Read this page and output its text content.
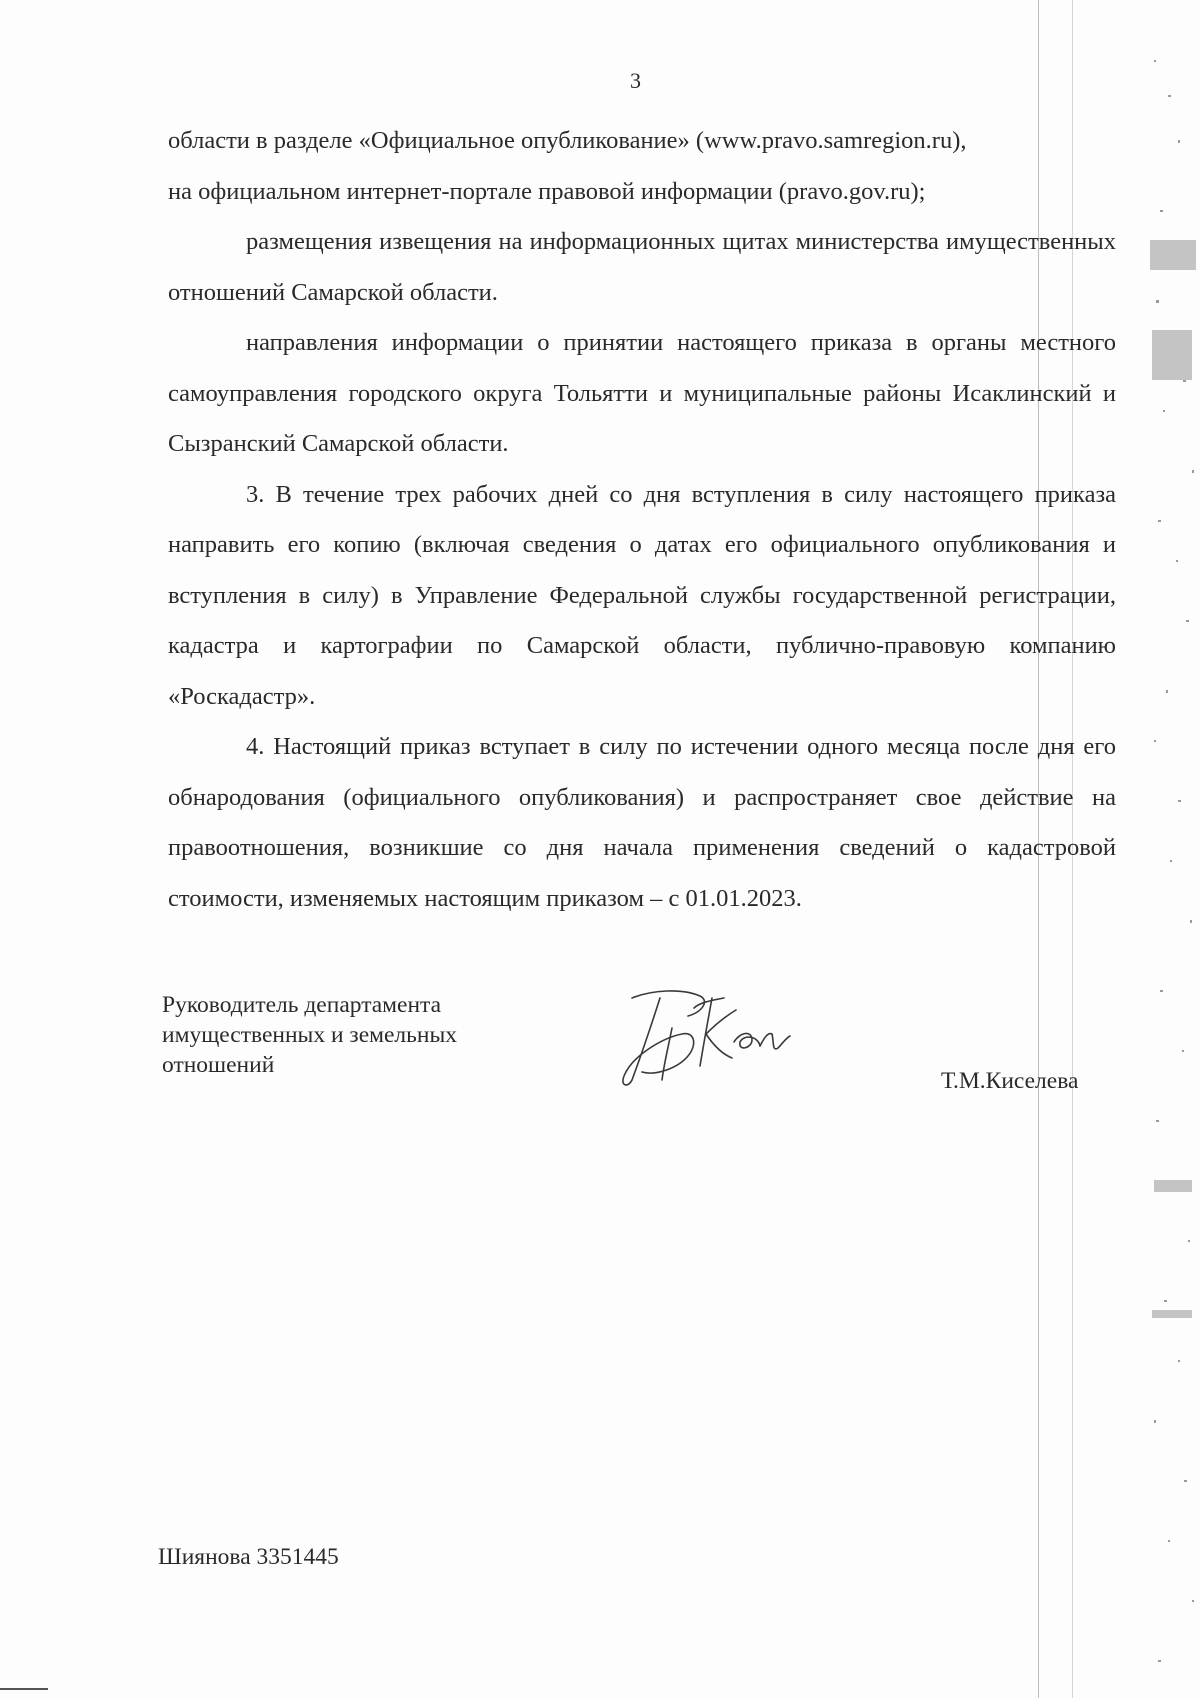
3

области в разделе «Официальное опубликование» (www.pravo.samregion.ru),

на официальном интернет-портале правовой информации (pravo.gov.ru);

размещения извещения на информационных щитах министерства имущественных отношений Самарской области.

направления информации о принятии настоящего приказа в органы местного самоуправления городского округа Тольятти и муниципальные районы Исаклинский и Сызранский Самарской области.

3. В течение трех рабочих дней со дня вступления в силу настоящего приказа направить его копию (включая сведения о датах его официального опубликования и вступления в силу) в Управление Федеральной службы государственной регистрации, кадастра и картографии по Самарской области, публично-правовую компанию «Роскадастр».

4. Настоящий приказ вступает в силу по истечении одного месяца после дня его обнародования (официального опубликования) и распространяет свое действие на правоотношения, возникшие со дня начала применения сведений о кадастровой стоимости, изменяемых настоящим приказом – с 01.01.2023.

Руководитель департамента
имущественных и земельных
отношений
Т.М.Киселева
Шиянова 3351445
